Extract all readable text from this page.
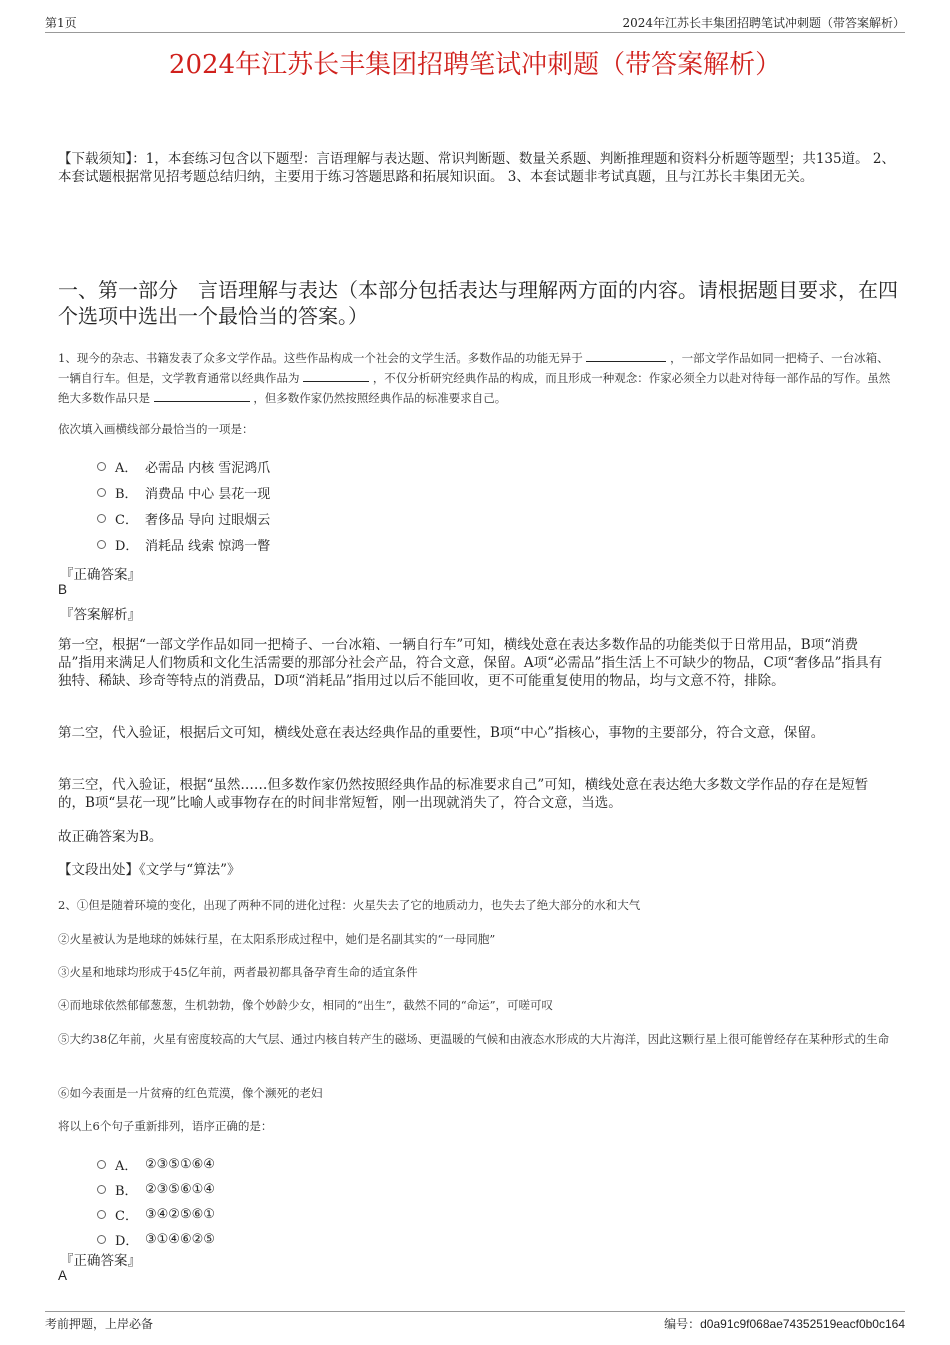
第1页	2024年江苏长丰集团招聘笔试冲刺题（带答案解析）
2024年江苏长丰集团招聘笔试冲刺题（带答案解析）
【下载须知】：1，本套练习包含以下题型：言语理解与表达题、常识判断题、数量关系题、判断推理题和资料分析题等题型；共135道。 2、本套试题根据常见招考题总结归纳，主要用于练习答题思路和拓展知识面。 3、本套试题非考试真题，且与江苏长丰集团无关。
一、第一部分　言语理解与表达（本部分包括表达与理解两方面的内容。请根据题目要求，在四个选项中选出一个最恰当的答案。）
1、现今的杂志、书籍发表了众多文学作品。这些作品构成一个社会的文学生活。多数作品的功能无异于	，一部文学作品如同一把椅子、一台冰箱、一辆自行车。但是，文学教育通常以经典作品为	，不仅分析研究经典作品的构成，而且形成一种观念：作家必须全力以赴对待每一部作品的写作。虽然绝大多数作品只是	，但多数作家仍然按照经典作品的标准要求自己。
依次填入画横线部分最恰当的一项是：
A． 必需品 内核 雪泥鸿爪
B． 消费品 中心 昙花一现
C． 奢侈品 导向 过眼烟云
D． 消耗品 线索 惊鸿一瞥
『正确答案』
B
『答案解析』
第一空，根据“一部文学作品如同一把椅子、一台冰箱、一辆自行车”可知，横线处意在表达多数作品的功能类似于日常用品，B项“消费品”指用来满足人们物质和文化生活需要的那部分社会产品，符合文意，保留。A项“必需品”指生活上不可缺少的物品，C项“奢侈品”指具有独特、稀缺、珍奇等特点的消费品，D项“消耗品”指用过以后不能回收，更不可能重复使用的物品，均与文意不符，排除。
第二空，代入验证，根据后文可知，横线处意在表达经典作品的重要性，B项“中心”指核心，事物的主要部分，符合文意，保留。
第三空，代入验证，根据“虽然……但多数作家仍然按照经典作品的标准要求自己”可知，横线处意在表达绝大多数文学作品的存在是短暂的，B项“昙花一现”比喻人或事物存在的时间非常短暂，刚一出现就消失了，符合文意，当选。
故正确答案为B。
【文段出处】《文学与“算法”》
2、①但是随着环境的变化，出现了两种不同的进化过程：火星失去了它的地质动力，也失去了绝大部分的水和大气
②火星被认为是地球的姊妹行星，在太阳系形成过程中，她们是名副其实的“一母同胞”
③火星和地球均形成于45亿年前，两者最初都具备孕育生命的适宜条件
④而地球依然郁郁葱葱，生机勃勃，像个妙龄少女，相同的“出生”，截然不同的“命运”，可嗟可叹
⑤大约38亿年前，火星有密度较高的大气层、通过内核自转产生的磁场、更温暖的气候和由液态水形成的大片海洋，因此这颗行星上很可能曾经存在某种形式的生命
⑥如今表面是一片贫瘠的红色荒漠，像个濒死的老妇
将以上6个句子重新排列，语序正确的是：
A． ②③⑤①⑥④
B． ②③⑤⑥①④
C． ③④②⑤⑥①
D． ③①④⑥②⑤
『正确答案』
A
考前押题，上岸必备	编号：d0a91c9f068ae74352519eacf0b0c164
